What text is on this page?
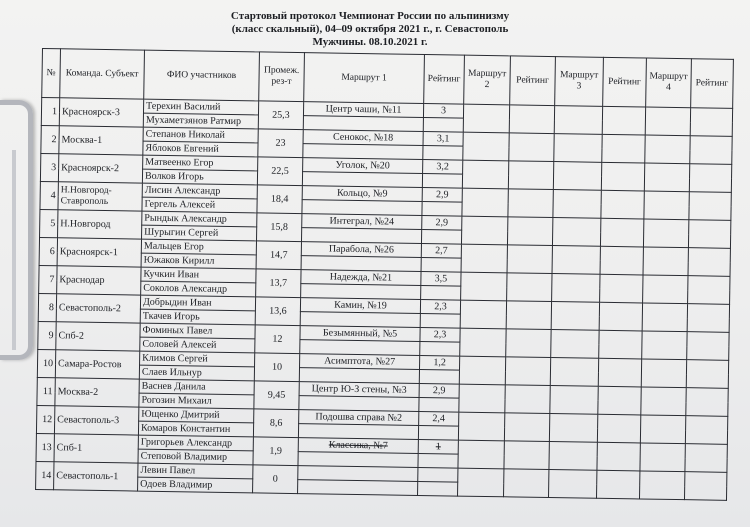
Стартовый протокол Чемпионат России по альпинизму
(класс скальный), 04–09 октября 2021 г., г. Севастополь
Мужчины. 08.10.2021 г.
№	Команда. Субъект	ФИО участников	Промеж. рез-т	Маршрут 1	Рейтинг	Маршрут 2	Рейтинг	Маршрут 3	Рейтинг	Маршрут 4	Рейтинг
1	Красноярск-3	Терехин Василий	25,3	Центр чаши, №11	3						
		Мухаметзянов Ратмир									
2	Москва-1	Степанов Николай	23	Сенокос, №18	3,1						
		Яблоков Евгений									
3	Красноярск-2	Матвеенко Егор	22,5	Уголок, №20	3,2						
		Волков Игорь									
4	Н.Новгород-Ставрополь	Лисин Александр	18,4	Кольцо, №9	2,9						
		Гергель Алексей									
5	Н.Новгород	Рындык Александр	15,8	Интеграл, №24	2,9						
		Шурыгин Сергей									
6	Красноярск-1	Мальцев Егор	14,7	Парабола, №26	2,7						
		Южаков Кирилл									
7	Краснодар	Кучкин Иван	13,7	Надежда, №21	3,5						
		Соколов Александр									
8	Севастополь-2	Добрыдин Иван	13,6	Камин, №19	2,3						
		Ткачев Игорь									
9	Спб-2	Фоминых Павел	12	Безымянный, №5	2,3						
		Соловей Алексей									
10	Самара-Ростов	Климов Сергей	10	Асимптота, №27	1,2						
		Слаев Ильнур									
11	Москва-2	Васнев Данила	9,45	Центр Ю-З стены, №3	2,9						
		Рогозин Михаил									
12	Севастополь-3	Ющенко Дмитрий	8,6	Подошва справа №2	2,4						
		Комаров Константин									
13	Спб-1	Григорьев Александр	1,9	Классика, №7	1						
		Степовой Владимир									
14	Севастополь-1	Левин Павел	0								
		Одоев Владимир									
